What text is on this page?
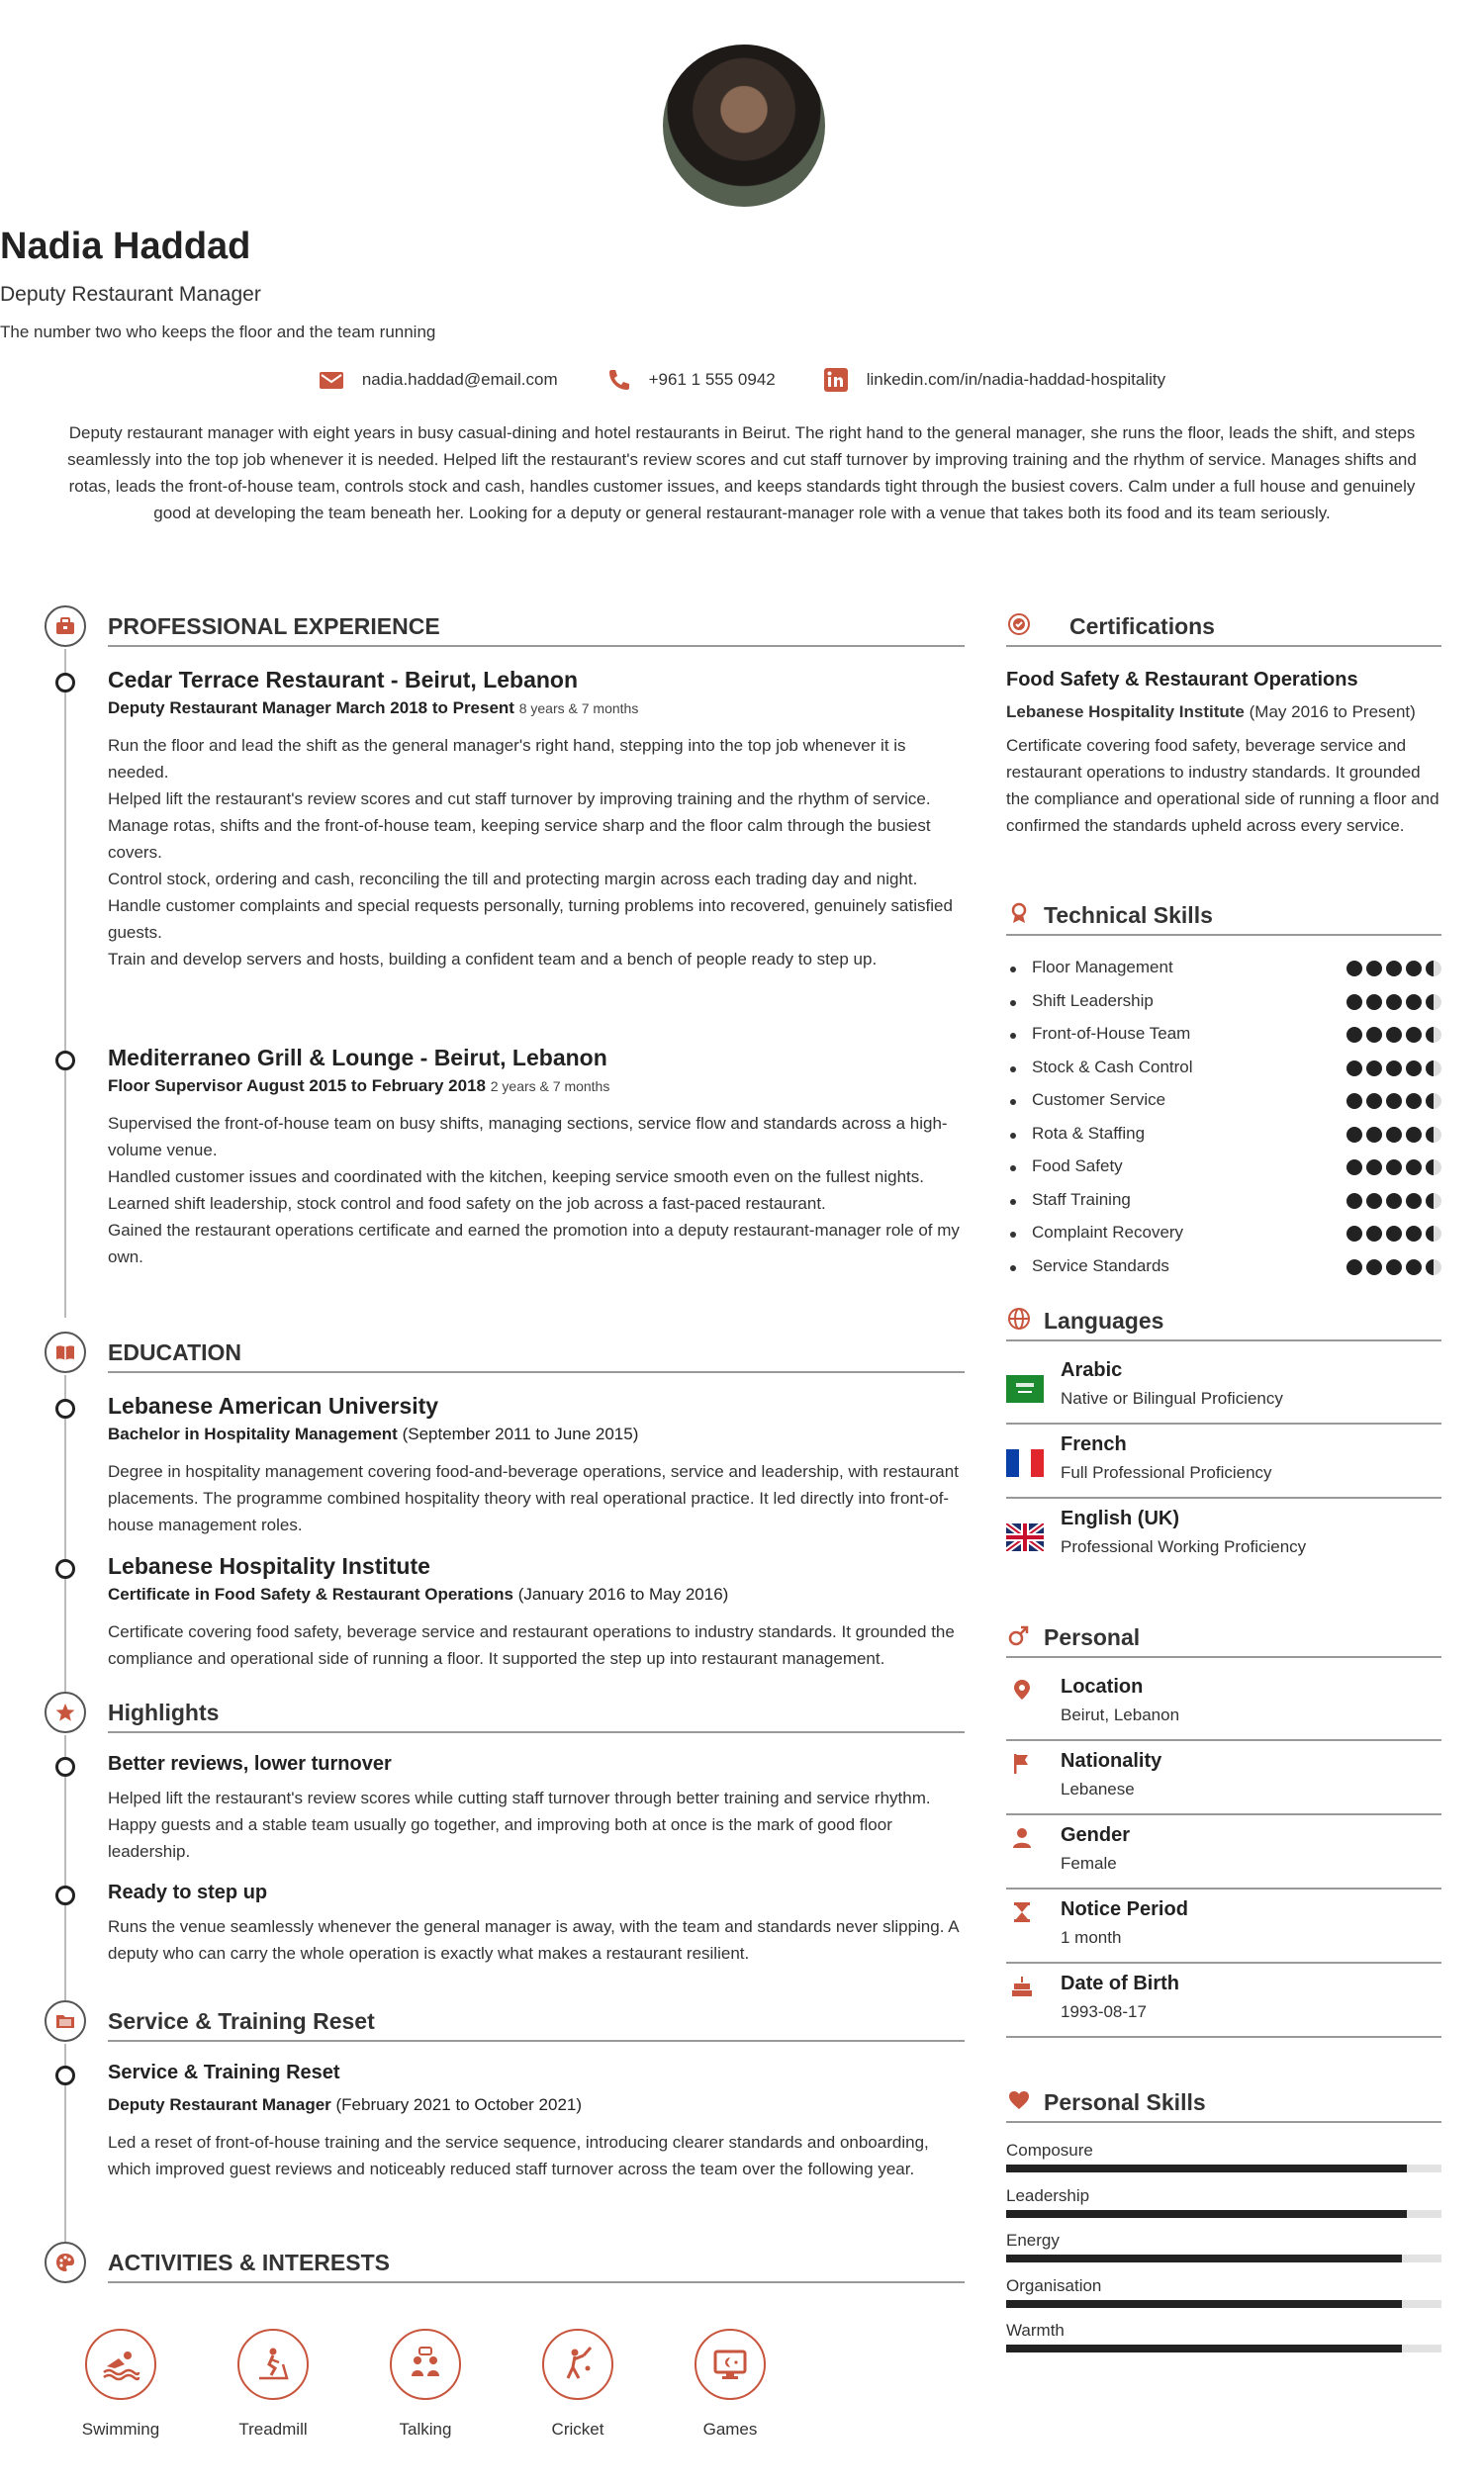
Nadia Haddad
Deputy Restaurant Manager
The number two who keeps the floor and the team running
nadia.haddad@email.com	+961 1 555 0942	linkedin.com/in/nadia-haddad-hospitality
Deputy restaurant manager with eight years in busy casual-dining and hotel restaurants in Beirut. The right hand to the general manager, she runs the floor, leads the shift, and steps seamlessly into the top job whenever it is needed. Helped lift the restaurant's review scores and cut staff turnover by improving training and the rhythm of service. Manages shifts and rotas, leads the front-of-house team, controls stock and cash, handles customer issues, and keeps standards tight through the busiest covers. Calm under a full house and genuinely good at developing the team beneath her. Looking for a deputy or general restaurant-manager role with a venue that takes both its food and its team seriously.
PROFESSIONAL EXPERIENCE
Cedar Terrace Restaurant - Beirut, Lebanon
Deputy Restaurant Manager March 2018 to Present 8 years & 7 months
Run the floor and lead the shift as the general manager's right hand, stepping into the top job whenever it is needed.
Helped lift the restaurant's review scores and cut staff turnover by improving training and the rhythm of service.
Manage rotas, shifts and the front-of-house team, keeping service sharp and the floor calm through the busiest covers.
Control stock, ordering and cash, reconciling the till and protecting margin across each trading day and night.
Handle customer complaints and special requests personally, turning problems into recovered, genuinely satisfied guests.
Train and develop servers and hosts, building a confident team and a bench of people ready to step up.
Mediterraneo Grill & Lounge - Beirut, Lebanon
Floor Supervisor August 2015 to February 2018 2 years & 7 months
Supervised the front-of-house team on busy shifts, managing sections, service flow and standards across a high-volume venue.
Handled customer issues and coordinated with the kitchen, keeping service smooth even on the fullest nights.
Learned shift leadership, stock control and food safety on the job across a fast-paced restaurant.
Gained the restaurant operations certificate and earned the promotion into a deputy restaurant-manager role of my own.
EDUCATION
Lebanese American University
Bachelor in Hospitality Management (September 2011 to June 2015)
Degree in hospitality management covering food-and-beverage operations, service and leadership, with restaurant placements. The programme combined hospitality theory with real operational practice. It led directly into front-of-house management roles.
Lebanese Hospitality Institute
Certificate in Food Safety & Restaurant Operations (January 2016 to May 2016)
Certificate covering food safety, beverage service and restaurant operations to industry standards. It grounded the compliance and operational side of running a floor. It supported the step up into restaurant management.
Highlights
Better reviews, lower turnover
Helped lift the restaurant's review scores while cutting staff turnover through better training and service rhythm. Happy guests and a stable team usually go together, and improving both at once is the mark of good floor leadership.
Ready to step up
Runs the venue seamlessly whenever the general manager is away, with the team and standards never slipping. A deputy who can carry the whole operation is exactly what makes a restaurant resilient.
Service & Training Reset
Service & Training Reset
Deputy Restaurant Manager (February 2021 to October 2021)
Led a reset of front-of-house training and the service sequence, introducing clearer standards and onboarding, which improved guest reviews and noticeably reduced staff turnover across the team over the following year.
ACTIVITIES & INTERESTS
Swimming	Treadmill	Talking	Cricket	Games
Certifications
Food Safety & Restaurant Operations
Lebanese Hospitality Institute (May 2016 to Present)
Certificate covering food safety, beverage service and restaurant operations to industry standards. It grounded the compliance and operational side of running a floor and confirmed the standards upheld across every service.
Technical Skills
Floor Management
Shift Leadership
Front-of-House Team
Stock & Cash Control
Customer Service
Rota & Staffing
Food Safety
Staff Training
Complaint Recovery
Service Standards
Languages
Arabic
Native or Bilingual Proficiency
French
Full Professional Proficiency
English (UK)
Professional Working Proficiency
Personal
Location
Beirut, Lebanon
Nationality
Lebanese
Gender
Female
Notice Period
1 month
Date of Birth
1993-08-17
Personal Skills
Composure
Leadership
Energy
Organisation
Warmth
